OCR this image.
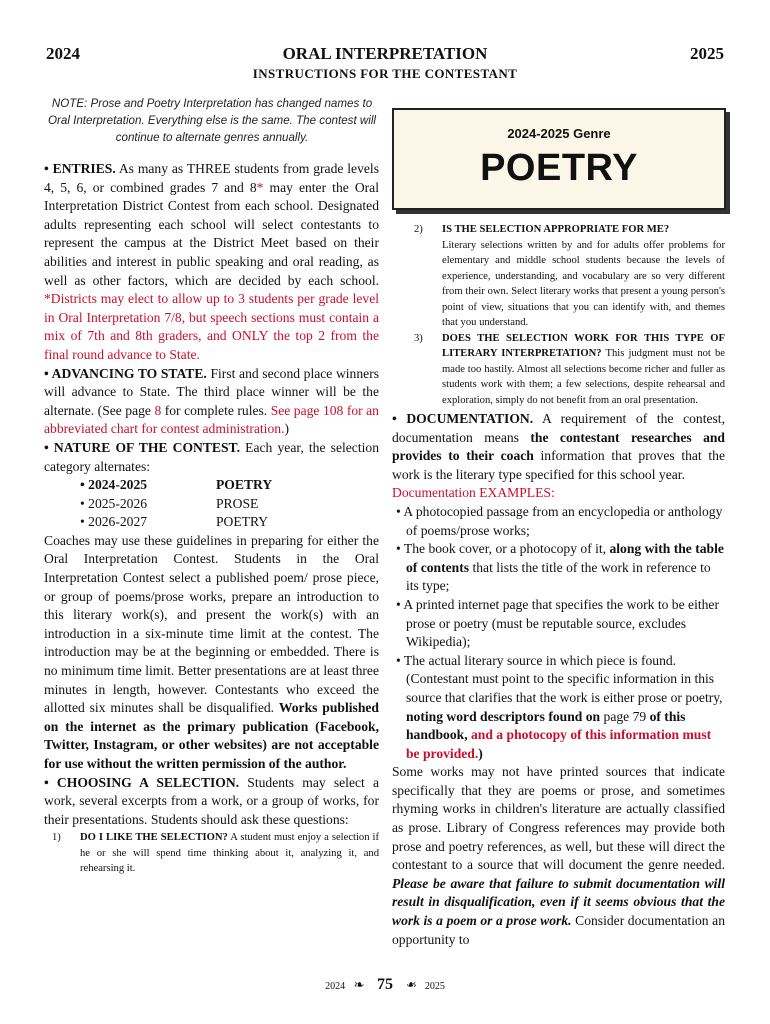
2024	ORAL INTERPRETATION	2025
INSTRUCTIONS FOR THE CONTESTANT
NOTE: Prose and Poetry Interpretation has changed names to Oral Interpretation. Everything else is the same. The contest will continue to alternate genres annually.	2024-2025 Genre
POETRY

• ENTRIES. As many as THREE students from grade levels 4, 5, 6, or combined grades 7 and 8* may enter the Oral Interpretation District Contest from each school. Designated adults representing each school will select contestants to represent the campus at the District Meet based on their abilities and interest in public speaking and oral reading, as well as other factors, which are decided by each school. *Districts may elect to allow up to 3 students per grade level in Oral Interpretation 7/8, but speech sections must contain a mix of 7th and 8th graders, and ONLY the top 2 from the final round advance to State.

• ADVANCING TO STATE. First and second place winners will advance to State. The third place winner will be the alternate. (See page 8 for complete rules. See page 108 for an abbreviated chart for contest administration.)

• NATURE OF THE CONTEST. Each year, the selection category alternates:

• 2024-2025	POETRY
• 2025-2026	PROSE
• 2026-2027	POETRY

Coaches may use these guidelines in preparing for either the Oral Interpretation Contest. Students in the Oral Interpretation Contest select a published poem/ prose piece, or group of poems/prose works, prepare an introduction to this literary work(s), and present the work(s) with an introduction in a six-minute time limit at the contest. The introduction may be at the beginning or embedded. There is no minimum time limit. Better presentations are at least three minutes in length, however. Contestants who exceed the allotted six minutes shall be disqualified. Works published on the internet as the primary publication (Facebook, Twitter, Instagram, or other websites) are not acceptable for use without the written permission of the author.

• CHOOSING A SELECTION. Students may select a work, several excerpts from a work, or a group of works, for their presentations. Students should ask these questions:

1)	DO I LIKE THE SELECTION? A student must enjoy a selection if he or she will spend time thinking about it, analyzing it, and rehearsing it.

2)	IS THE SELECTION APPROPRIATE FOR ME?
Literary selections written by and for adults offer problems for elementary and middle school students because the levels of experience, understanding, and vocabulary are so very different from their own. Select literary works that present a young person's point of view, situations that you can identify with, and themes that you understand.

3)	DOES THE SELECTION WORK FOR THIS TYPE OF LITERARY INTERPRETATION? This judgment must not be made too hastily. Almost all selections become richer and fuller as students work with them; a few selections, despite rehearsal and exploration, simply do not benefit from an oral presentation.

• DOCUMENTATION. A requirement of the contest, documentation means the contestant researches and provides to their coach information that proves that the work is the literary type specified for this school year.

Documentation EXAMPLES:

• A photocopied passage from an encyclopedia or anthology of poems/prose works;

• The book cover, or a photocopy of it, along with the table of contents that lists the title of the work in reference to its type;

• A printed internet page that specifies the work to be either prose or poetry (must be reputable source, excludes Wikipedia);

• The actual literary source in which piece is found. (Contestant must point to the specific information in this source that clarifies that the work is either prose or poetry, noting word descriptors found on page 79 of this handbook, and a photocopy of this information must be provided.)

Some works may not have printed sources that indicate specifically that they are poems or prose, and sometimes rhyming works in children's literature are actually classified as prose. Library of Congress references may provide both prose and poetry references, as well, but these will direct the contestant to a source that will document the genre needed. Please be aware that failure to submit documentation will result in disqualification, even if it seems obvious that the work is a poem or a prose work. Consider documentation an opportunity to

2024 ❧ 75 ❧ 2025
